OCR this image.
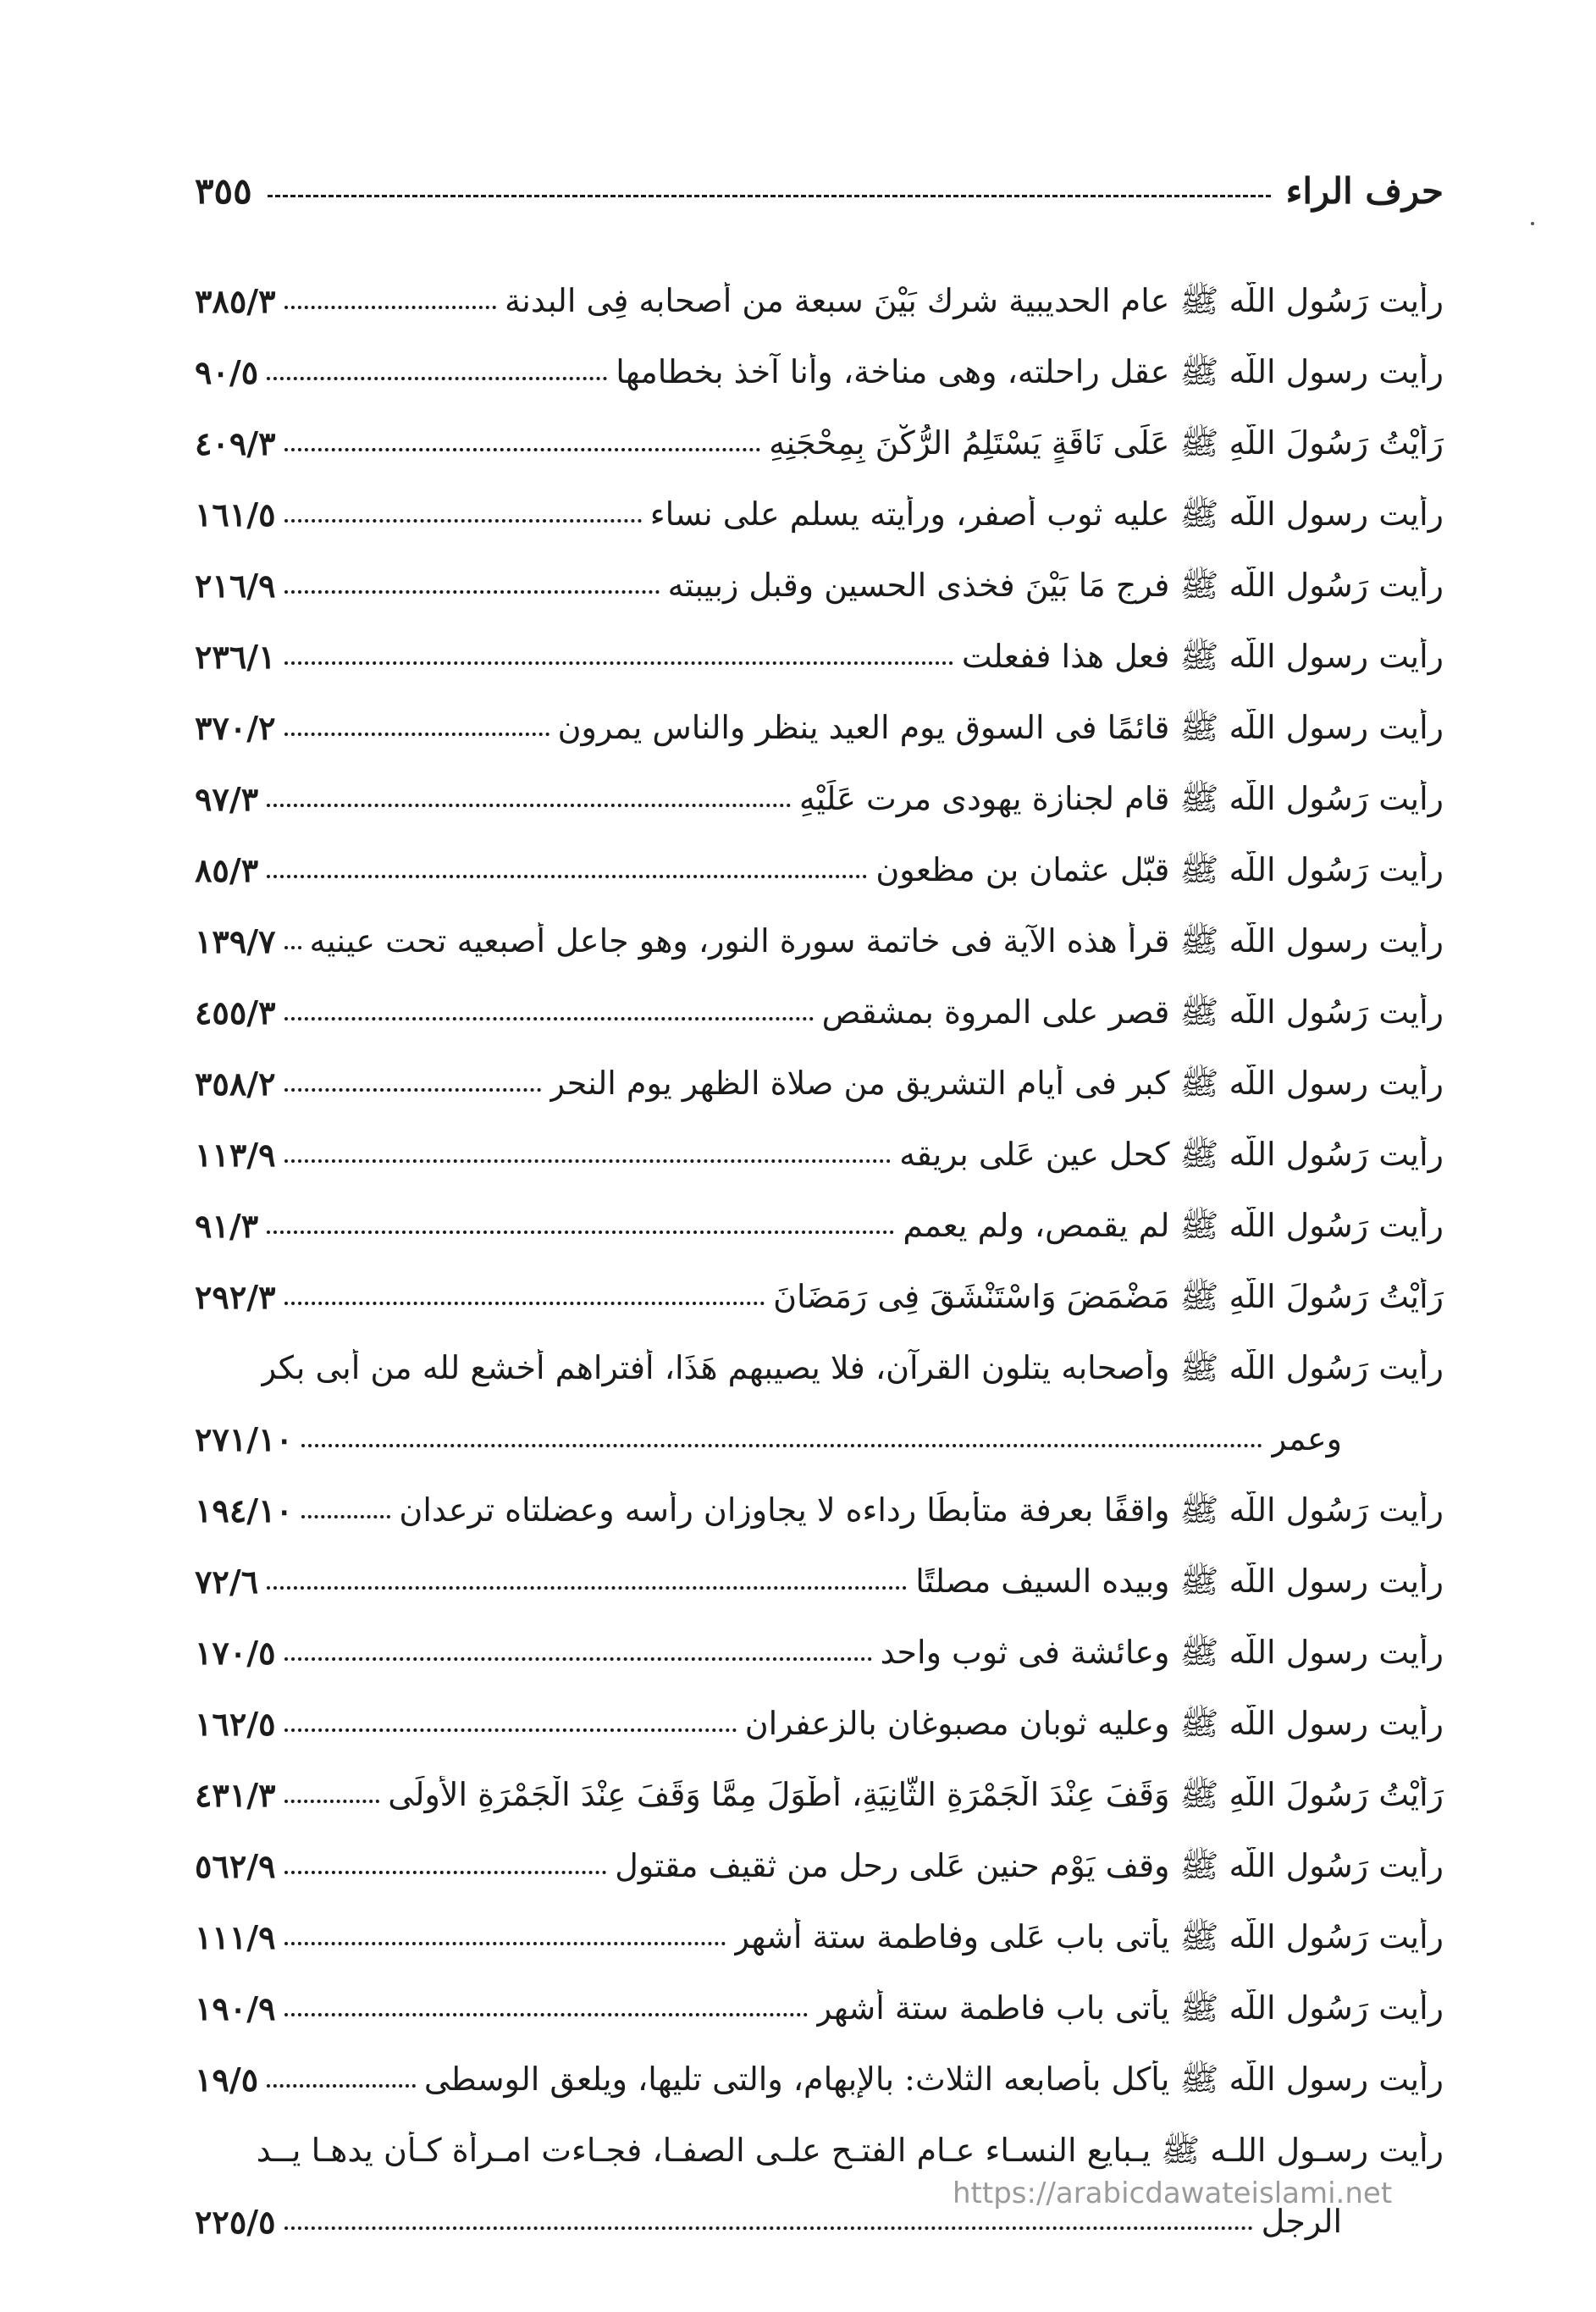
حرف الراء
٣٥٥
رأيت رَسُول اللّه ﷺ عام الحديبية شرك بَيْنَ سبعة من أصحابه فِى البدنة
٣٨٥/٣
رأيت رسول اللّه ﷺ عقل راحلته، وهى مناخة، وأنا آخذ بخطامها
٩٠/٥
رَأَيْتُ رَسُولَ اللّهِ ﷺ عَلَى نَاقَةٍ يَسْتَلِمُ الرُّكْنَ بِمِحْجَنِهِ
٤٠٩/٣
رأيت رسول اللّه ﷺ عليه ثوب أصفر، ورأيته يسلم على نساء
١٦١/٥
رأيت رَسُول اللّه ﷺ فرج مَا بَيْنَ فخذى الحسين وقبل زبيبته
٢١٦/٩
رأيت رسول اللّه ﷺ فعل هذا ففعلت
٢٣٦/١
رأيت رسول اللّه ﷺ قائمًا فى السوق يوم العيد ينظر والناس يمرون
٣٧٠/٢
رأيت رَسُول اللّه ﷺ قام لجنازة يهودى مرت عَلَيْهِ
٩٧/٣
رأيت رَسُول اللّه ﷺ قبّل عثمان بن مظعون
٨٥/٣
رأيت رسول اللّه ﷺ قرأ هذه الآية فى خاتمة سورة النور، وهو جاعل أصبعيه تحت عينيه
١٣٩/٧
رأيت رَسُول اللّه ﷺ قصر على المروة بمشقص
٤٥٥/٣
رأيت رسول اللّه ﷺ كبر فى أيام التشريق من صلاة الظهر يوم النحر
٣٥٨/٢
رأيت رَسُول اللّه ﷺ كحل عين عَلى بريقه
١١٣/٩
رأيت رَسُول اللّه ﷺ لم يقمص، ولم يعمم
٩١/٣
رَأَيْتُ رَسُولَ اللّهِ ﷺ مَضْمَضَ وَاسْتَنْشَقَ فِى رَمَضَانَ
٢٩٢/٣
رأيت رَسُول اللّه ﷺ وأصحابه يتلون القرآن، فلا يصيبهم هَذَا، أفتراهم أخشع لله من أبى بكر
وعمر
٢٧١/١٠
رأيت رَسُول اللّه ﷺ واقفًا بعرفة متأبطًا رداءه لا يجاوزان رأسه وعضلتاه ترعدان
١٩٤/١٠
رأيت رسول اللّه ﷺ وبيده السيف مصلتًا
٧٢/٦
رأيت رسول اللّه ﷺ وعائشة فى ثوب واحد
١٧٠/٥
رأيت رسول اللّه ﷺ وعليه ثوبان مصبوغان بالزعفران
١٦٢/٥
رَأَيْتُ رَسُولَ اللّهِ ﷺ وَقَفَ عِنْدَ الْجَمْرَةِ الثَّانِيَةِ، أَطْوَلَ مِمَّا وَقَفَ عِنْدَ الْجَمْرَةِ الأُولَى
٤٣١/٣
رأيت رَسُول اللّه ﷺ وقف يَوْم حنين عَلى رحل من ثقيف مقتول
٥٦٢/٩
رأيت رَسُول اللّه ﷺ يأتى باب عَلى وفاطمة ستة أشهر
١١١/٩
رأيت رَسُول اللّه ﷺ يأتى باب فاطمة ستة أشهر
١٩٠/٩
رأيت رسول اللّه ﷺ يأكل بأصابعه الثلاث: بالإبهام، والتى تليها، ويلعق الوسطى
١٩/٥
رأيت رسـول اللـه ﷺ يـبايع النسـاء عـام الفتـح علـى الصفـا، فجـاءت امـرأة كـأن يدهـا يــد
الرجل
٢٢٥/٥
https://arabicdawateislami.net
